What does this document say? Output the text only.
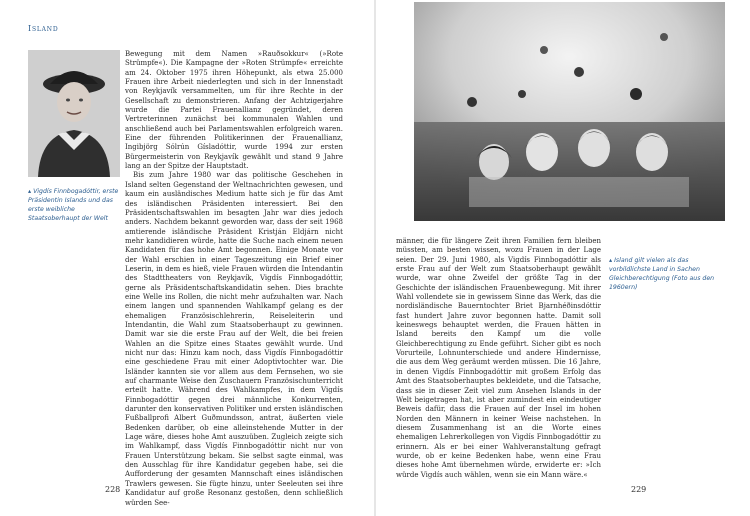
Island
▴ Vigdís Finnbogadóttir, erste Präsidentin Islands und das erste weibliche Staatsoberhaupt der Welt

Bewegung mit dem Namen »Rauðsokkur« (»Rote Strümpfe«). Die Kampagne der »Roten Strümpfe« erreichte am 24. Oktober 1975 ihren Höhepunkt, als etwa 25.000 Frauen ihre Arbeit niederlegten und sich in der Innenstadt von Reykjavík versammelten, um für ihre Rechte in der Gesellschaft zu demonstrieren. Anfang der Achtzigerjahre wurde die Partei Frauenallianz gegründet, deren Vertreterinnen zunächst bei kommunalen Wahlen und anschließend auch bei Parlamentswahlen erfolgreich waren. Eine der führenden Politikerinnen der Frauenallianz, Ingibjörg Sólrún Gísladóttir, wurde 1994 zur ersten Bürgermeisterin von Reykjavík gewählt und stand 9 Jahre lang an der Spitze der Hauptstadt.

Bis zum Jahre 1980 war das politische Geschehen in Island selten Gegenstand der Weltnachrichten gewesen, und kaum ein ausländisches Medium hatte sich je für das Amt des isländischen Präsidenten interessiert. Bei den Präsidentschaftswahlen im besagten Jahr war dies jedoch anders. Nachdem bekannt geworden war, dass der seit 1968 amtierende isländische Präsident Kristján Eldjárn nicht mehr kandidieren würde, hatte die Suche nach einem neuen Kandidaten für das hohe Amt begonnen. Einige Monate vor der Wahl erschien in einer Tageszeitung ein Brief einer Leserin, in dem es hieß, viele Frauen würden die Intendantin des Stadttheaters von Reykjavík, Vigdís Finnbogadóttir, gerne als Präsidentschaftskandidatin sehen. Dies brachte eine Welle ins Rollen, die nicht mehr aufzuhalten war. Nach einem langen und spannenden Wahlkampf gelang es der ehemaligen Französischlehrerin, Reiseleiterin und Intendantin, die Wahl zum Staatsoberhaupt zu gewinnen. Damit war sie die erste Frau auf der Welt, die bei freien Wahlen an die Spitze eines Staates gewählt wurde. Und nicht nur das: Hinzu kam noch, dass Vigdís Finnbogadóttir eine geschiedene Frau mit einer Adoptivtochter war. Die Isländer kannten sie vor allem aus dem Fernsehen, wo sie auf charmante Weise den Zuschauern Französischunterricht erteilt hatte. Während des Wahlkampfes, in dem Vigdís Finnbogadóttir gegen drei männliche Konkurrenten, darunter den konservativen Politiker und ersten isländischen Fußballprofi Albert Guðmundsson, antrat, äußerten viele Bedenken darüber, ob eine alleinstehende Mutter in der Lage wäre, dieses hohe Amt auszuüben. Zugleich zeigte sich im Wahlkampf, dass Vigdís Finnbogadóttir nicht nur von Frauen Unterstützung bekam. Sie selbst sagte einmal, was den Ausschlag für ihre Kandidatur gegeben habe, sei die Aufforderung der gesamten Mannschaft eines isländischen Trawlers gewesen. Sie fügte hinzu, unter Seeleuten sei ihre Kandidatur auf große Resonanz gestoßen, denn schließlich würden See-

228
▴ Island gilt vielen als das vorbildlichste Land in Sachen Gleichberechtigung (Foto aus den 1960ern)

männer, die für längere Zeit ihren Familien fern bleiben müssten, am besten wissen, wozu Frauen in der Lage seien. Der 29. Juni 1980, als Vigdís Finnbogadóttir als erste Frau auf der Welt zum Staatsoberhaupt gewählt wurde, war ohne Zweifel der größte Tag in der Geschichte der isländischen Frauenbewegung. Mit ihrer Wahl vollendete sie in gewissem Sinne das Werk, das die nordisländische Bauerntochter Briet Bjarnhéðinsdóttir fast hundert Jahre zuvor begonnen hatte. Damit soll keineswegs behauptet werden, die Frauen hätten in Island bereits den Kampf um die volle Gleichberechtigung zu Ende geführt. Sicher gibt es noch Vorurteile, Lohnunterschiede und andere Hindernisse, die aus dem Weg geräumt werden müssen. Die 16 Jahre, in denen Vigdís Finnbogadóttir mit großem Erfolg das Amt des Staatsoberhauptes bekleidete, und die Tatsache, dass sie in dieser Zeit viel zum Ansehen Islands in der Welt beigetragen hat, ist aber zumindest ein eindeutiger Beweis dafür, dass die Frauen auf der Insel im hohen Norden den Männern in keiner Weise nachstehen. In diesem Zusammenhang ist an die Worte eines ehemaligen Lehrerkollegen von Vigdís Finnbogadóttir zu erinnern. Als er bei einer Wahlveranstaltung gefragt wurde, ob er keine Bedenken habe, wenn eine Frau dieses hohe Amt übernehmen würde, erwiderte er: »Ich würde Vigdís auch wählen, wenn sie ein Mann wäre.«

229
